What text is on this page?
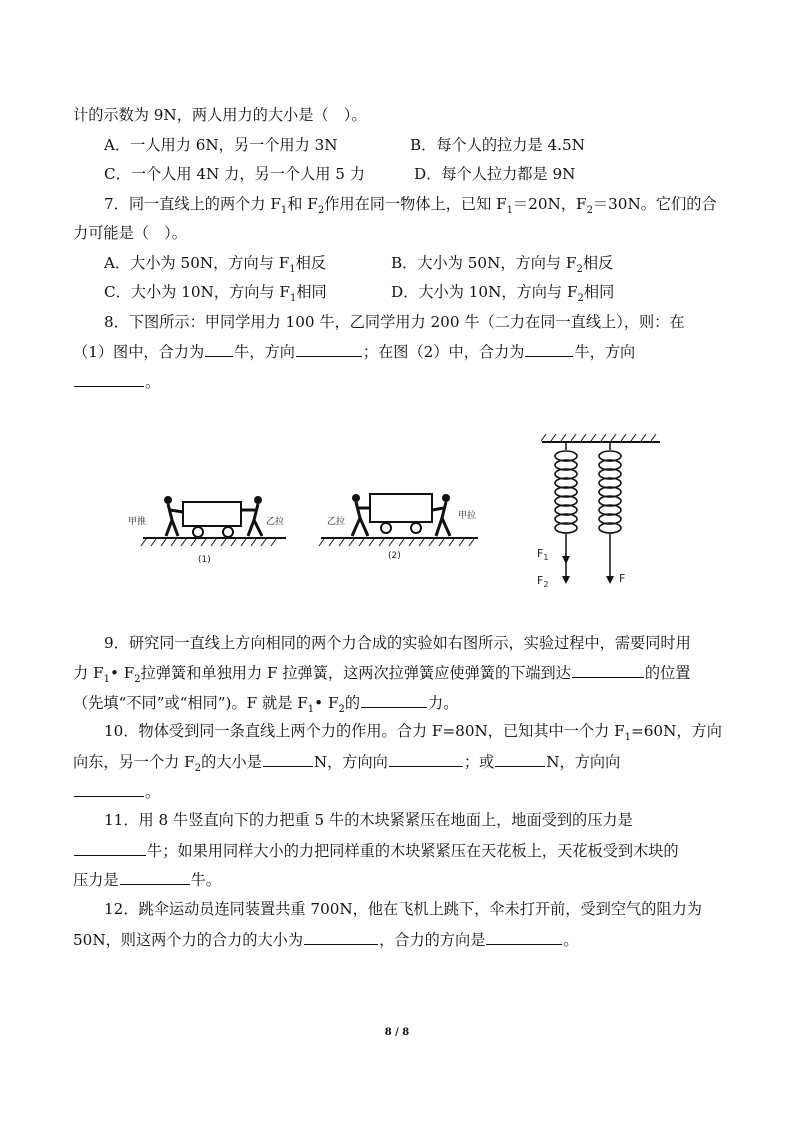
计的示数为 9N，两人用力的大小是（　）。
A．一人用力 6N，另一个用力 3N	B．每个人的拉力是 4.5N
C．一个人用 4N 力，另一个人用 5 力	D．每个人拉力都是 9N
7．同一直线上的两个力 $F_1$和 $F_2$作用在同一物体上，已知 $F_1=20N$，$F_2=30N$。它们的合
力可能是（　）。
A．大小为 50N，方向与 $F_1$相反	B．大小为 50N，方向与 $F_2$相反
C．大小为 10N，方向与 $F_1$相同	D．大小为 10N，方向与 $F_2$相同
8．下图所示：甲同学用力 100 牛，乙同学用力 200 牛（二力在同一直线上），则：在
（1）图中，合力为 牛，方向	；在图（2）中，合力为	牛，方向
。
甲推	乙拉
(1)
乙拉
甲拉
(2)	$F_1$
$F_2$	F
9．研究同一直线上方向相同的两个力合成的实验如右图所示，实验过程中，需要同时用
力 $F_1•$ $F_2$拉弹簧和单独用力 F 拉弹簧，这两次拉弹簧应使弹簧的下端到达	的位置
（先填“不同”或“相同”)。F 就是 $F_1•$ $F_2$的	力。
10．物体受到同一条直线上两个力的作用。合力 F=80N，已知其中一个力 $F_1=60N$，方向
向东，另一个力 $F_2$的大小是	N，方向向	；或	N，方向向
。
11．用 8 牛竖直向下的力把重 5 牛的木块紧紧压在地面上，地面受到的压力是
牛；如果用同样大小的力把同样重的木块紧紧压在天花板上，天花板受到木块的
压力是	牛。
12．跳伞运动员连同装置共重 700N，他在飞机上跳下，伞未打开前，受到空气的阻力为
50N，则这两个力的合力的大小为	，合力的方向是	。
8 / 8
